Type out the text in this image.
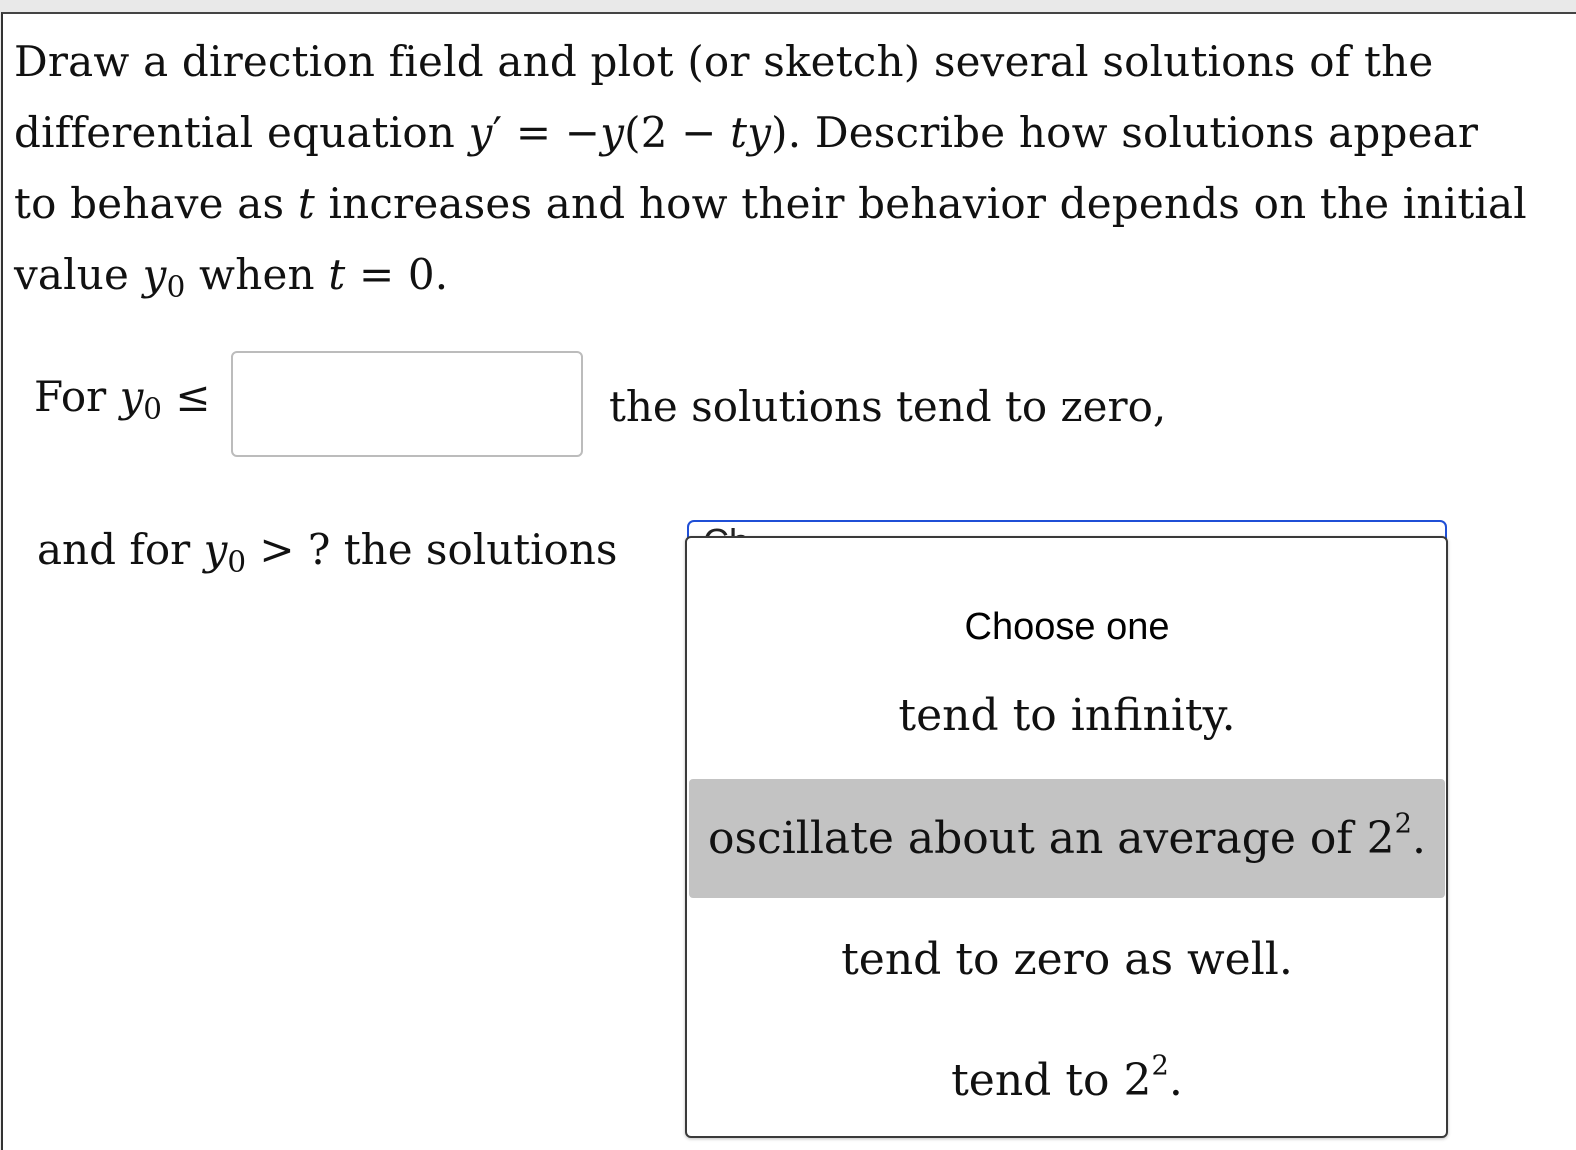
Draw a direction field and plot (or sketch) several solutions of the
differential equation y′ = −y(2 − ty). Describe how solutions appear
to behave as t increases and how their behavior depends on the initial
value $y_0$ when t = 0.
For $y_0$ ≤	the solutions tend to zero,
and for $y_0$ > ? the solutions
Choose one
tend to infinity.
oscillate about an average of $2^2$.
tend to zero as well.
tend to $2^2$.
